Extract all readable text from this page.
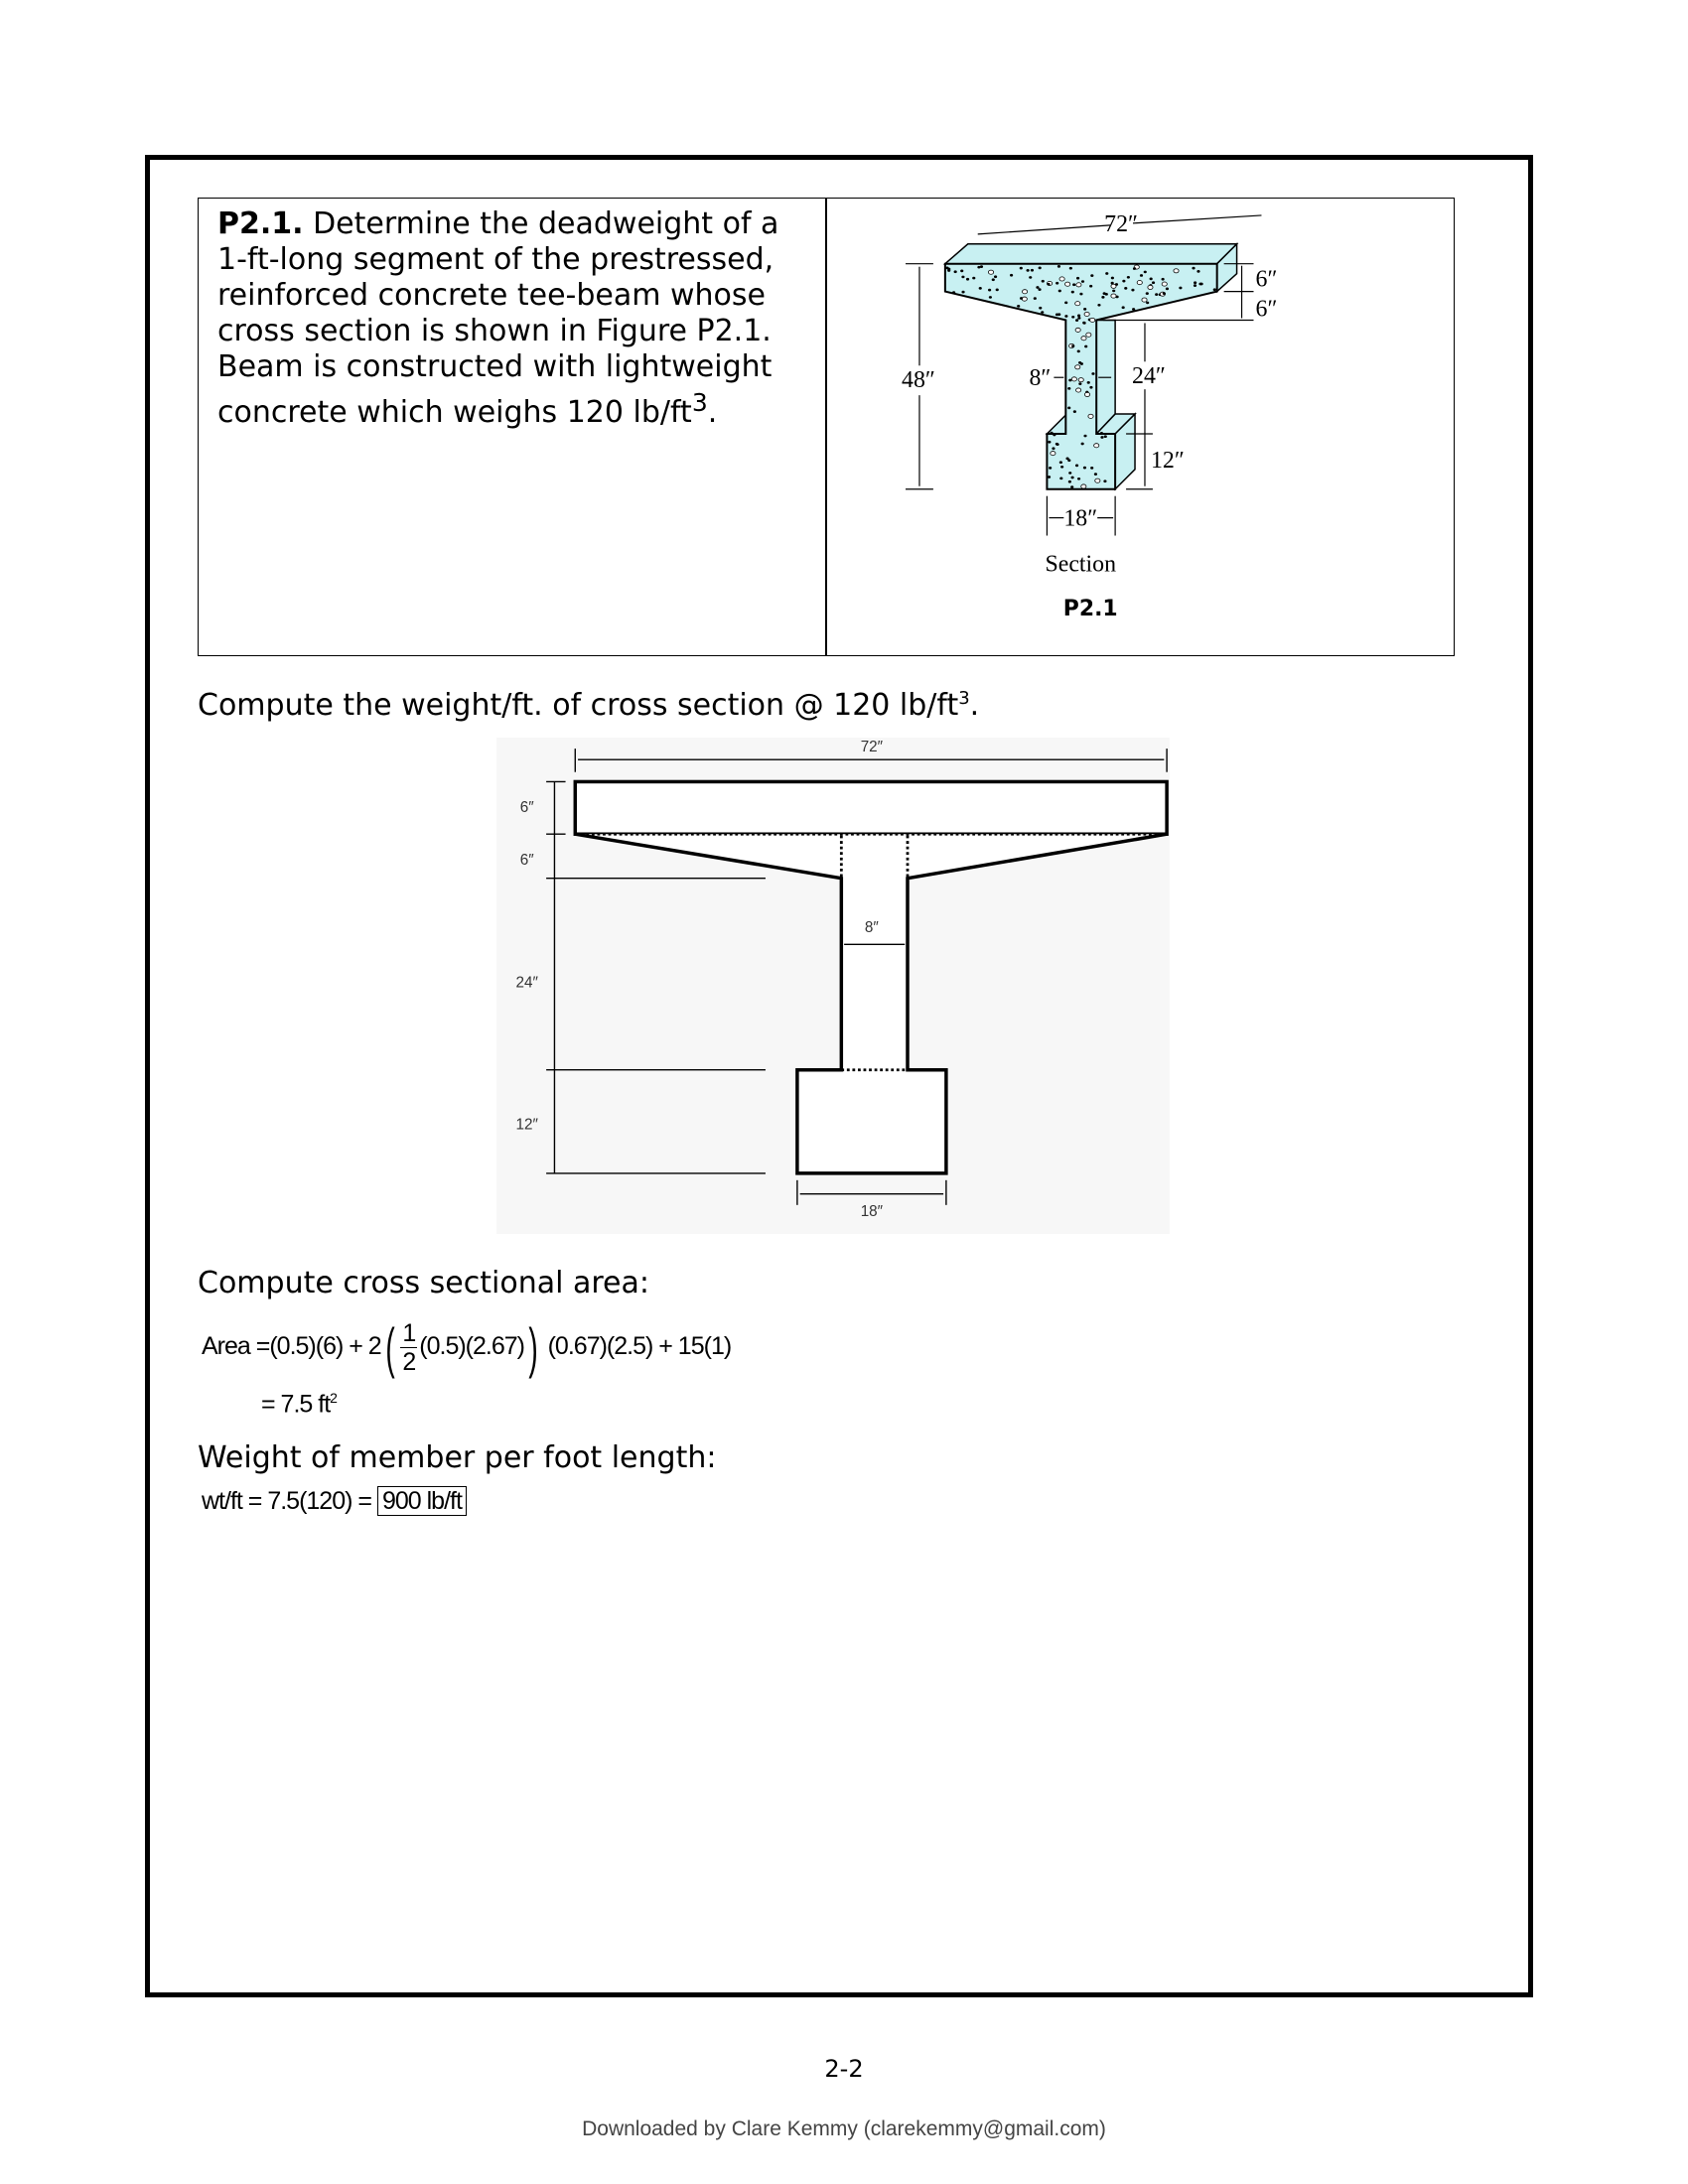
P2.1. Determine the deadweight of a 1-ft-long segment of the prestressed, reinforced concrete tee-beam whose cross section is shown in Figure P2.1. Beam is constructed with lightweight concrete which weighs 120 $lb/ft^3$.
72″
48″
6″
6″
8″	24″
12″
18″
Section
P2.1
Compute the weight/ft. of cross section @ 120 $lb/ft^3$.
72″
6″
6″
8″
24″
12″
18″
Compute cross sectional area:
Area $=(0.5)(6) + 2( \frac{1}{2} (0.5)(2.67))$ (0.67)(2.5) + 15(1)
= 7.5 $ft^2$
Weight of member per foot length:
wt/ft = 7.5(120) = 900 lb/ft
2-2
Downloaded by Clare Kemmy (clarekemmy@gmail.com)
